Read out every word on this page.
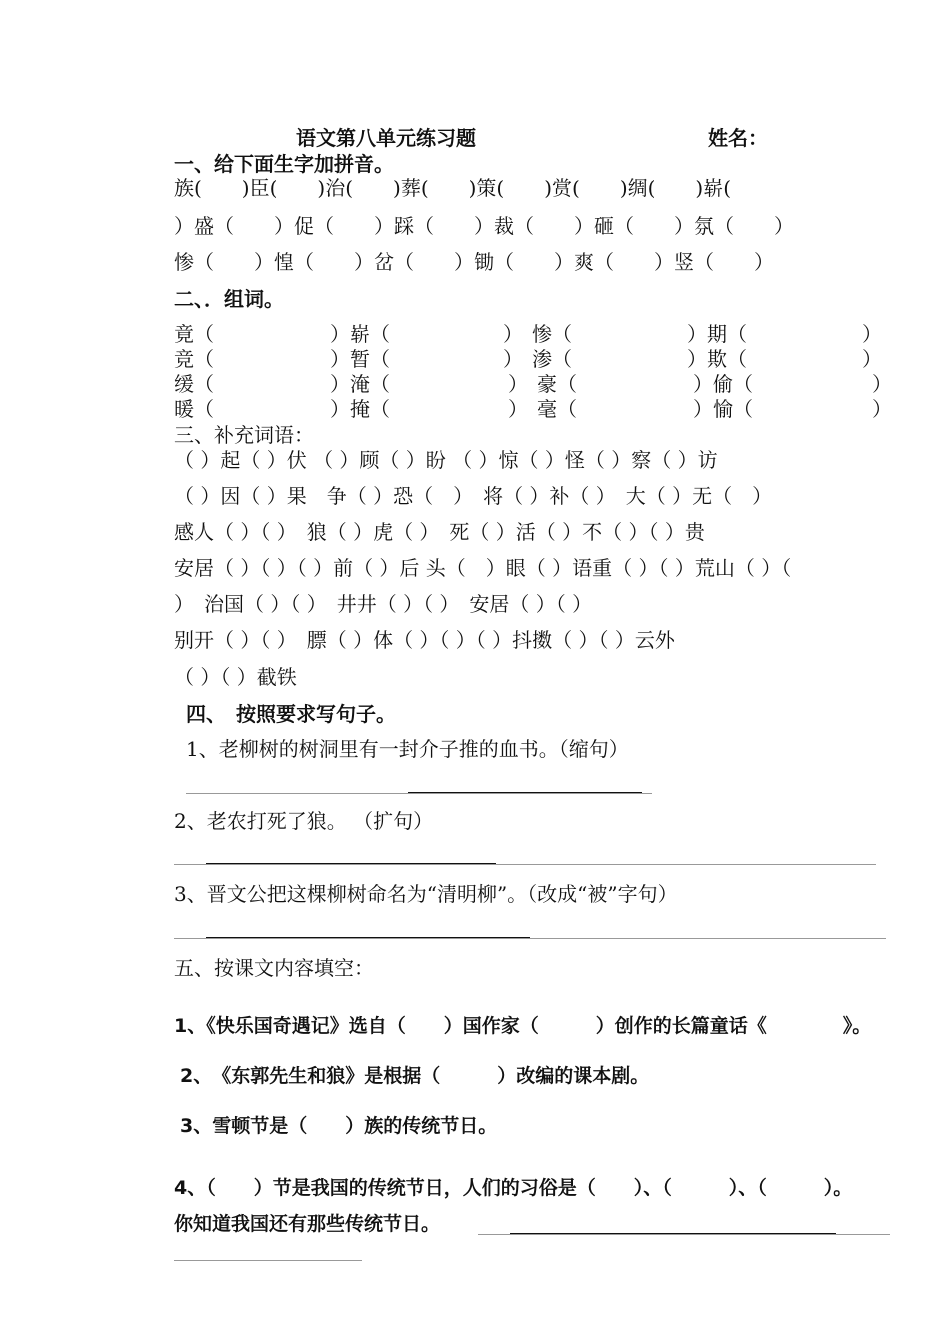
语文第八单元练习题	姓名：
一、给下面生字加拼音。
族(　　)臣(　　)治(　　)葬(　　)策(　　)赏(　　)绸(　　)崭(
）盛（　　）促（　　）踩（　　）裁（　　）砸（　　）氛（　　）
惨（　　）惶（　　）岔（　　）锄（　　）爽（　　）竖（　　）
二、．组词。
竟（	）崭（	） 惨（	）期（	）
竞（	）暂（	） 渗（	）欺（	）
缓（	）淹（	） 豪（	）偷（	）
暖（	）掩（	） 毫（	）愉（	）
三、补充词语：
（ ）起（ ）伏 （ ）顾（ ）盼 （ ）惊（ ）怪（ ）察（ ）访
（ ）因（ ）果　争（ ）恐（　）　将（ ）补（ ）　大（ ）无（　）
感人（ ）（ ）　狼（ ）虎（ ）　死（ ）活（ ）不（ ）（ ）贵
安居（ ）（ ）（ ）前（ ）后 头（　）眼（ ）语重（ ）（ ）荒山（ ）（
）　治国（ ）（ ）　井井（ ）（ ）　安居（ ）（ ）
别开（ ）（ ）　膘（ ）体（ ）（ ）（ ）抖擞（ ）（ ）云外
（ ）（ ）截铁
四、　按照要求写句子。
1、老柳树的树洞里有一封介子推的血书。（缩句）
2、老农打死了狼。 （扩句）
3、晋文公把这棵柳树命名为“清明柳”。（改成“被”字句）
五、按课文内容填空：
1、《快乐国奇遇记》选自（　　）国作家（　　　）创作的长篇童话《　　　　》。
2、　《东郭先生和狼》是根据（　　　）改编的课本剧。
3、雪顿节是（　　）族的传统节日。
4、（　　）节是我国的传统节日，人们的习俗是（　　）、（　　　）、（　　　）。
你知道我国还有那些传统节日。
